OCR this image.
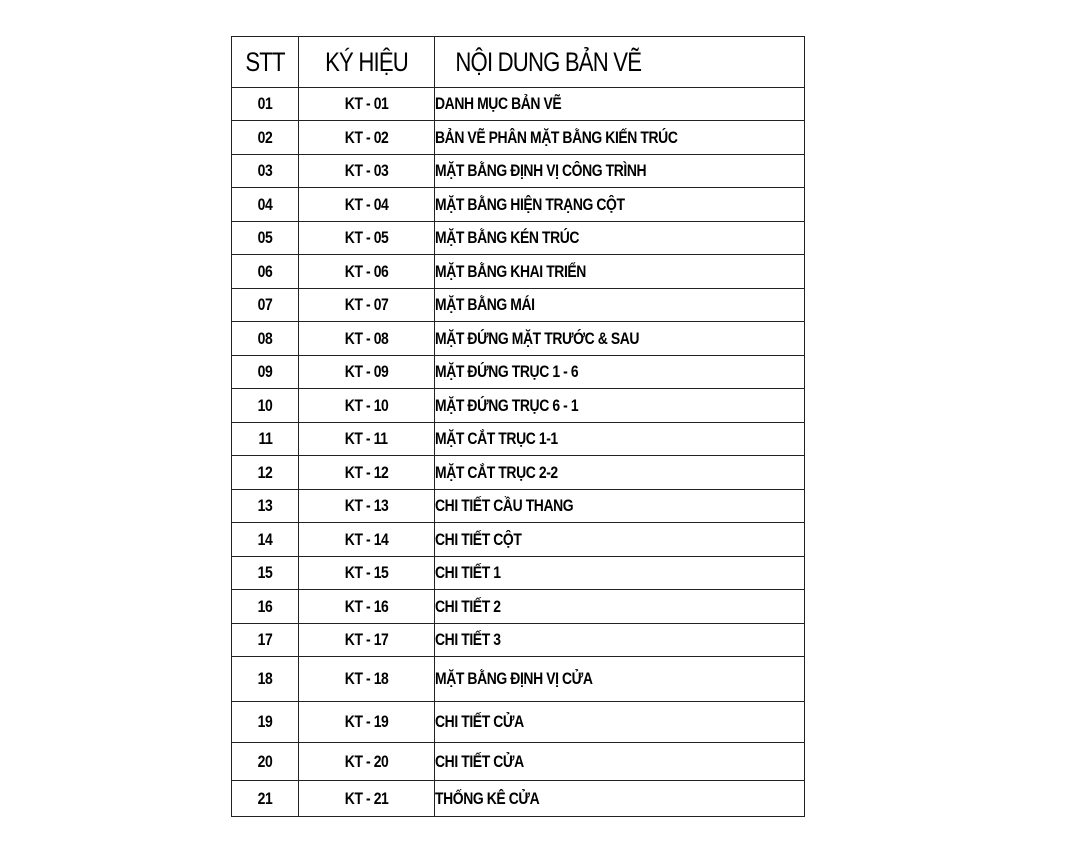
STT	KÝ HIỆU	NỘI DUNG BẢN VẼ
01	KT - 01	DANH MỤC BẢN VẼ
02	KT - 02	BẢN VẼ PHÂN MẶT BẰNG KIẾN TRÚC
03	KT - 03	MẶT BẰNG ĐỊNH VỊ CÔNG TRÌNH
04	KT - 04	MẶT BẰNG HIỆN TRẠNG CỘT
05	KT - 05	MẶT BẰNG KÉN TRÚC
06	KT - 06	MẶT BẰNG KHAI TRIỂN
07	KT - 07	MẶT BẰNG MÁI
08	KT - 08	MẶT ĐỨNG MẶT TRƯỚC & SAU
09	KT - 09	MẶT ĐỨNG TRỤC 1 - 6
10	KT - 10	MẶT ĐỨNG TRỤC 6 - 1
11	KT - 11	MẶT CẮT TRỤC 1-1
12	KT - 12	MẶT CẮT TRỤC 2-2
13	KT - 13	CHI TIẾT CẦU THANG
14	KT - 14	CHI TIẾT CỘT
15	KT - 15	CHI TIẾT 1
16	KT - 16	CHI TIẾT 2
17	KT - 17	CHI TIẾT 3
18	KT - 18	MẶT BẰNG ĐỊNH VỊ CỬA
19	KT - 19	CHI TIẾT CỬA
20	KT - 20	CHI TIẾT CỬA
21	KT - 21	THỐNG KÊ CỬA
